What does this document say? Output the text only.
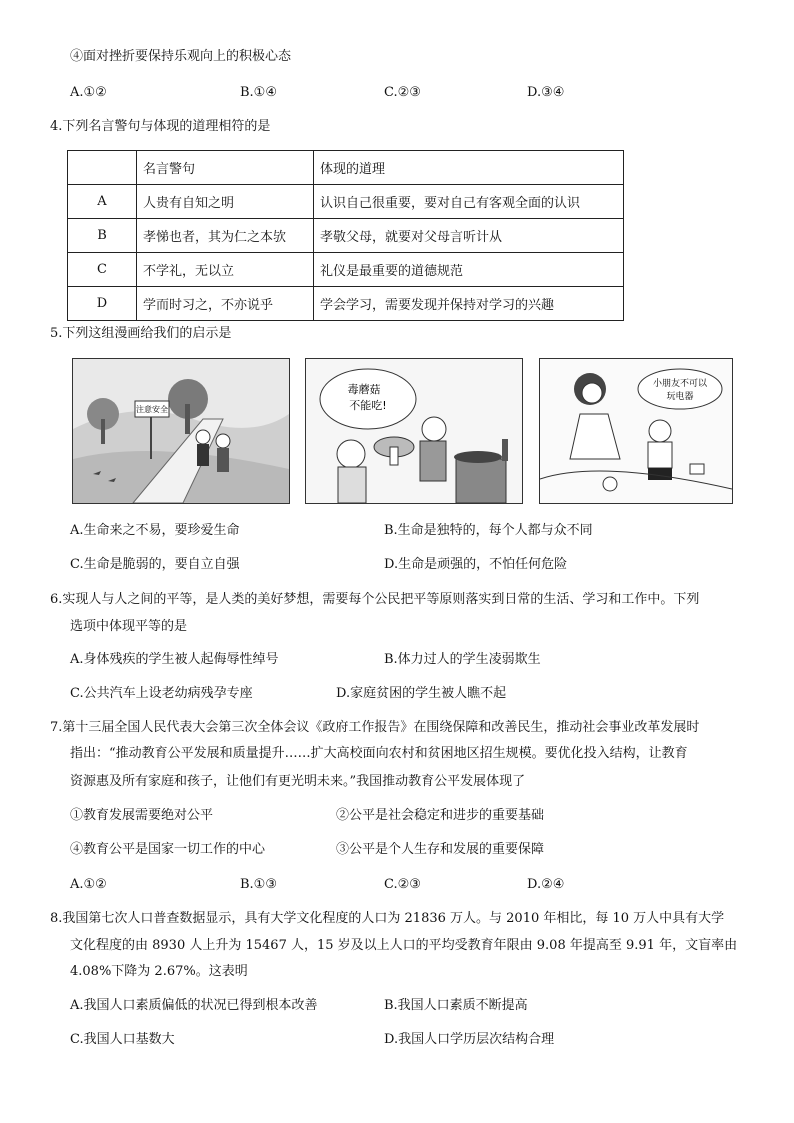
④面对挫折要保持乐观向上的积极心态
A.①②	B.①④	C.②③	D.③④
4.下列名言警句与体现的道理相符的是
	名言警句	体现的道理
A	人贵有自知之明	认识自己很重要，要对自己有客观全面的认识
B	孝悌也者，其为仁之本欤	孝敬父母，就要对父母言听计从
C	不学礼，无以立	礼仪是最重要的道德规范
D	学而时习之，不亦说乎	学会学习，需要发现并保持对学习的兴趣
5.下列这组漫画给我们的启示是
注意安全
毒蘑菇
不能吃!
小朋友不可以
玩电器
A.生命来之不易，要珍爱生命	B.生命是独特的，每个人都与众不同
C.生命是脆弱的，要自立自强	D.生命是顽强的，不怕任何危险
6.实现人与人之间的平等，是人类的美好梦想，需要每个公民把平等原则落实到日常的生活、学习和工作中。下列
选项中体现平等的是
A.身体残疾的学生被人起侮辱性绰号	B.体力过人的学生凌弱欺生
C.公共汽车上设老幼病残孕专座	D.家庭贫困的学生被人瞧不起
7.第十三届全国人民代表大会第三次全体会议《政府工作报告》在围绕保障和改善民生，推动社会事业改革发展时
指出：“推动教育公平发展和质量提升……扩大高校面向农村和贫困地区招生规模。要优化投入结构，让教育
资源惠及所有家庭和孩子，让他们有更光明未来。”我国推动教育公平发展体现了
①教育发展需要绝对公平	②公平是社会稳定和进步的重要基础
④教育公平是国家一切工作的中心	③公平是个人生存和发展的重要保障
A.①②	B.①③	C.②③	D.②④
8.我国第七次人口普查数据显示，具有大学文化程度的人口为 21836 万人。与 2010 年相比，每 10 万人中具有大学
文化程度的由 8930 人上升为 15467 人，15 岁及以上人口的平均受教育年限由 9.08 年提高至 9.91 年，文盲率由
4.08%下降为 2.67%。这表明
A.我国人口素质偏低的状况已得到根本改善	B.我国人口素质不断提高
C.我国人口基数大	D.我国人口学历层次结构合理
